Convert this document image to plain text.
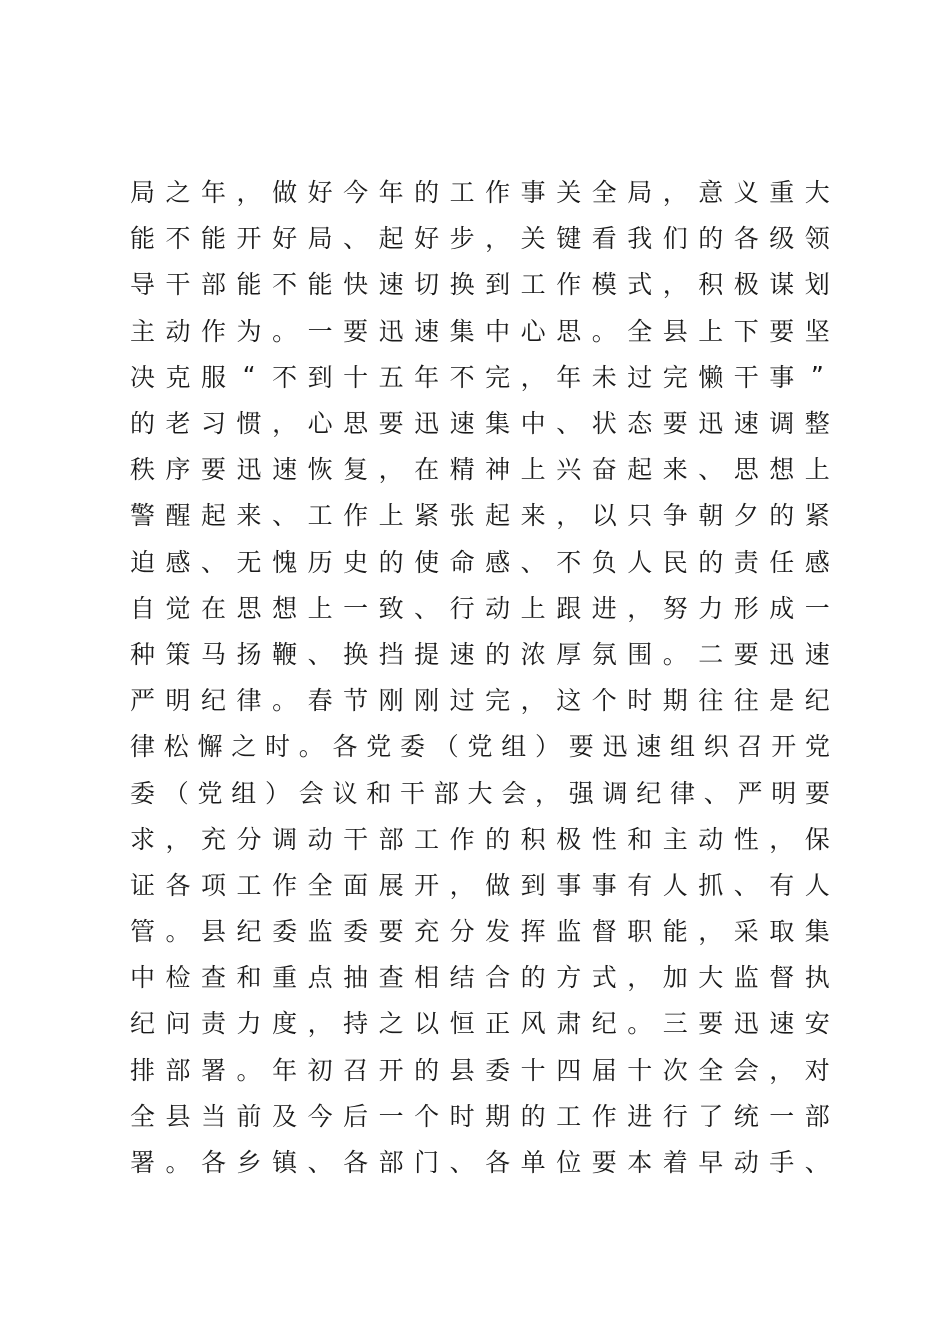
局 之 年 ， 做 好 今 年 的 工 作 事 关 全 局 ， 意 义 重 大
能 不 能 开 好 局 、 起 好 步 ， 关 键 看 我 们 的 各 级 领
导 干 部 能 不 能 快 速 切 换 到 工 作 模 式 ， 积 极 谋 划
主 动 作 为 。 一 要 迅 速 集 中 心 思 。 全 县 上 下 要 坚
决 克 服 “ 不 到 十 五 年 不 完 ， 年 未 过 完 懒 干 事 ”
的 老 习 惯 ， 心 思 要 迅 速 集 中 、 状 态 要 迅 速 调 整
秩 序 要 迅 速 恢 复 ， 在 精 神 上 兴 奋 起 来 、 思 想 上
警 醒 起 来 、 工 作 上 紧 张 起 来 ， 以 只 争 朝 夕 的 紧
迫 感 、 无 愧 历 史 的 使 命 感 、 不 负 人 民 的 责 任 感
自 觉 在 思 想 上 一 致 、 行 动 上 跟 进 ， 努 力 形 成 一
种 策 马 扬 鞭 、 换 挡 提 速 的 浓 厚 氛 围 。 二 要 迅 速
严 明 纪 律 。 春 节 刚 刚 过 完 ， 这 个 时 期 往 往 是 纪
律 松 懈 之 时 。 各 党 委 （ 党 组 ） 要 迅 速 组 织 召 开 党
委 （ 党 组 ） 会 议 和 干 部 大 会 ， 强 调 纪 律 、 严 明 要
求 ， 充 分 调 动 干 部 工 作 的 积 极 性 和 主 动 性 ， 保
证 各 项 工 作 全 面 展 开 ， 做 到 事 事 有 人 抓 、 有 人
管 。 县 纪 委 监 委 要 充 分 发 挥 监 督 职 能 ， 采 取 集
中 检 查 和 重 点 抽 查 相 结 合 的 方 式 ， 加 大 监 督 执
纪 问 责 力 度 ， 持 之 以 恒 正 风 肃 纪 。 三 要 迅 速 安
排 部 署 。 年 初 召 开 的 县 委 十 四 届 十 次 全 会 ， 对
全 县 当 前 及 今 后 一 个 时 期 的 工 作 进 行 了 统 一 部
署 。 各 乡 镇 、 各 部 门 、 各 单 位 要 本 着 早 动 手 、
